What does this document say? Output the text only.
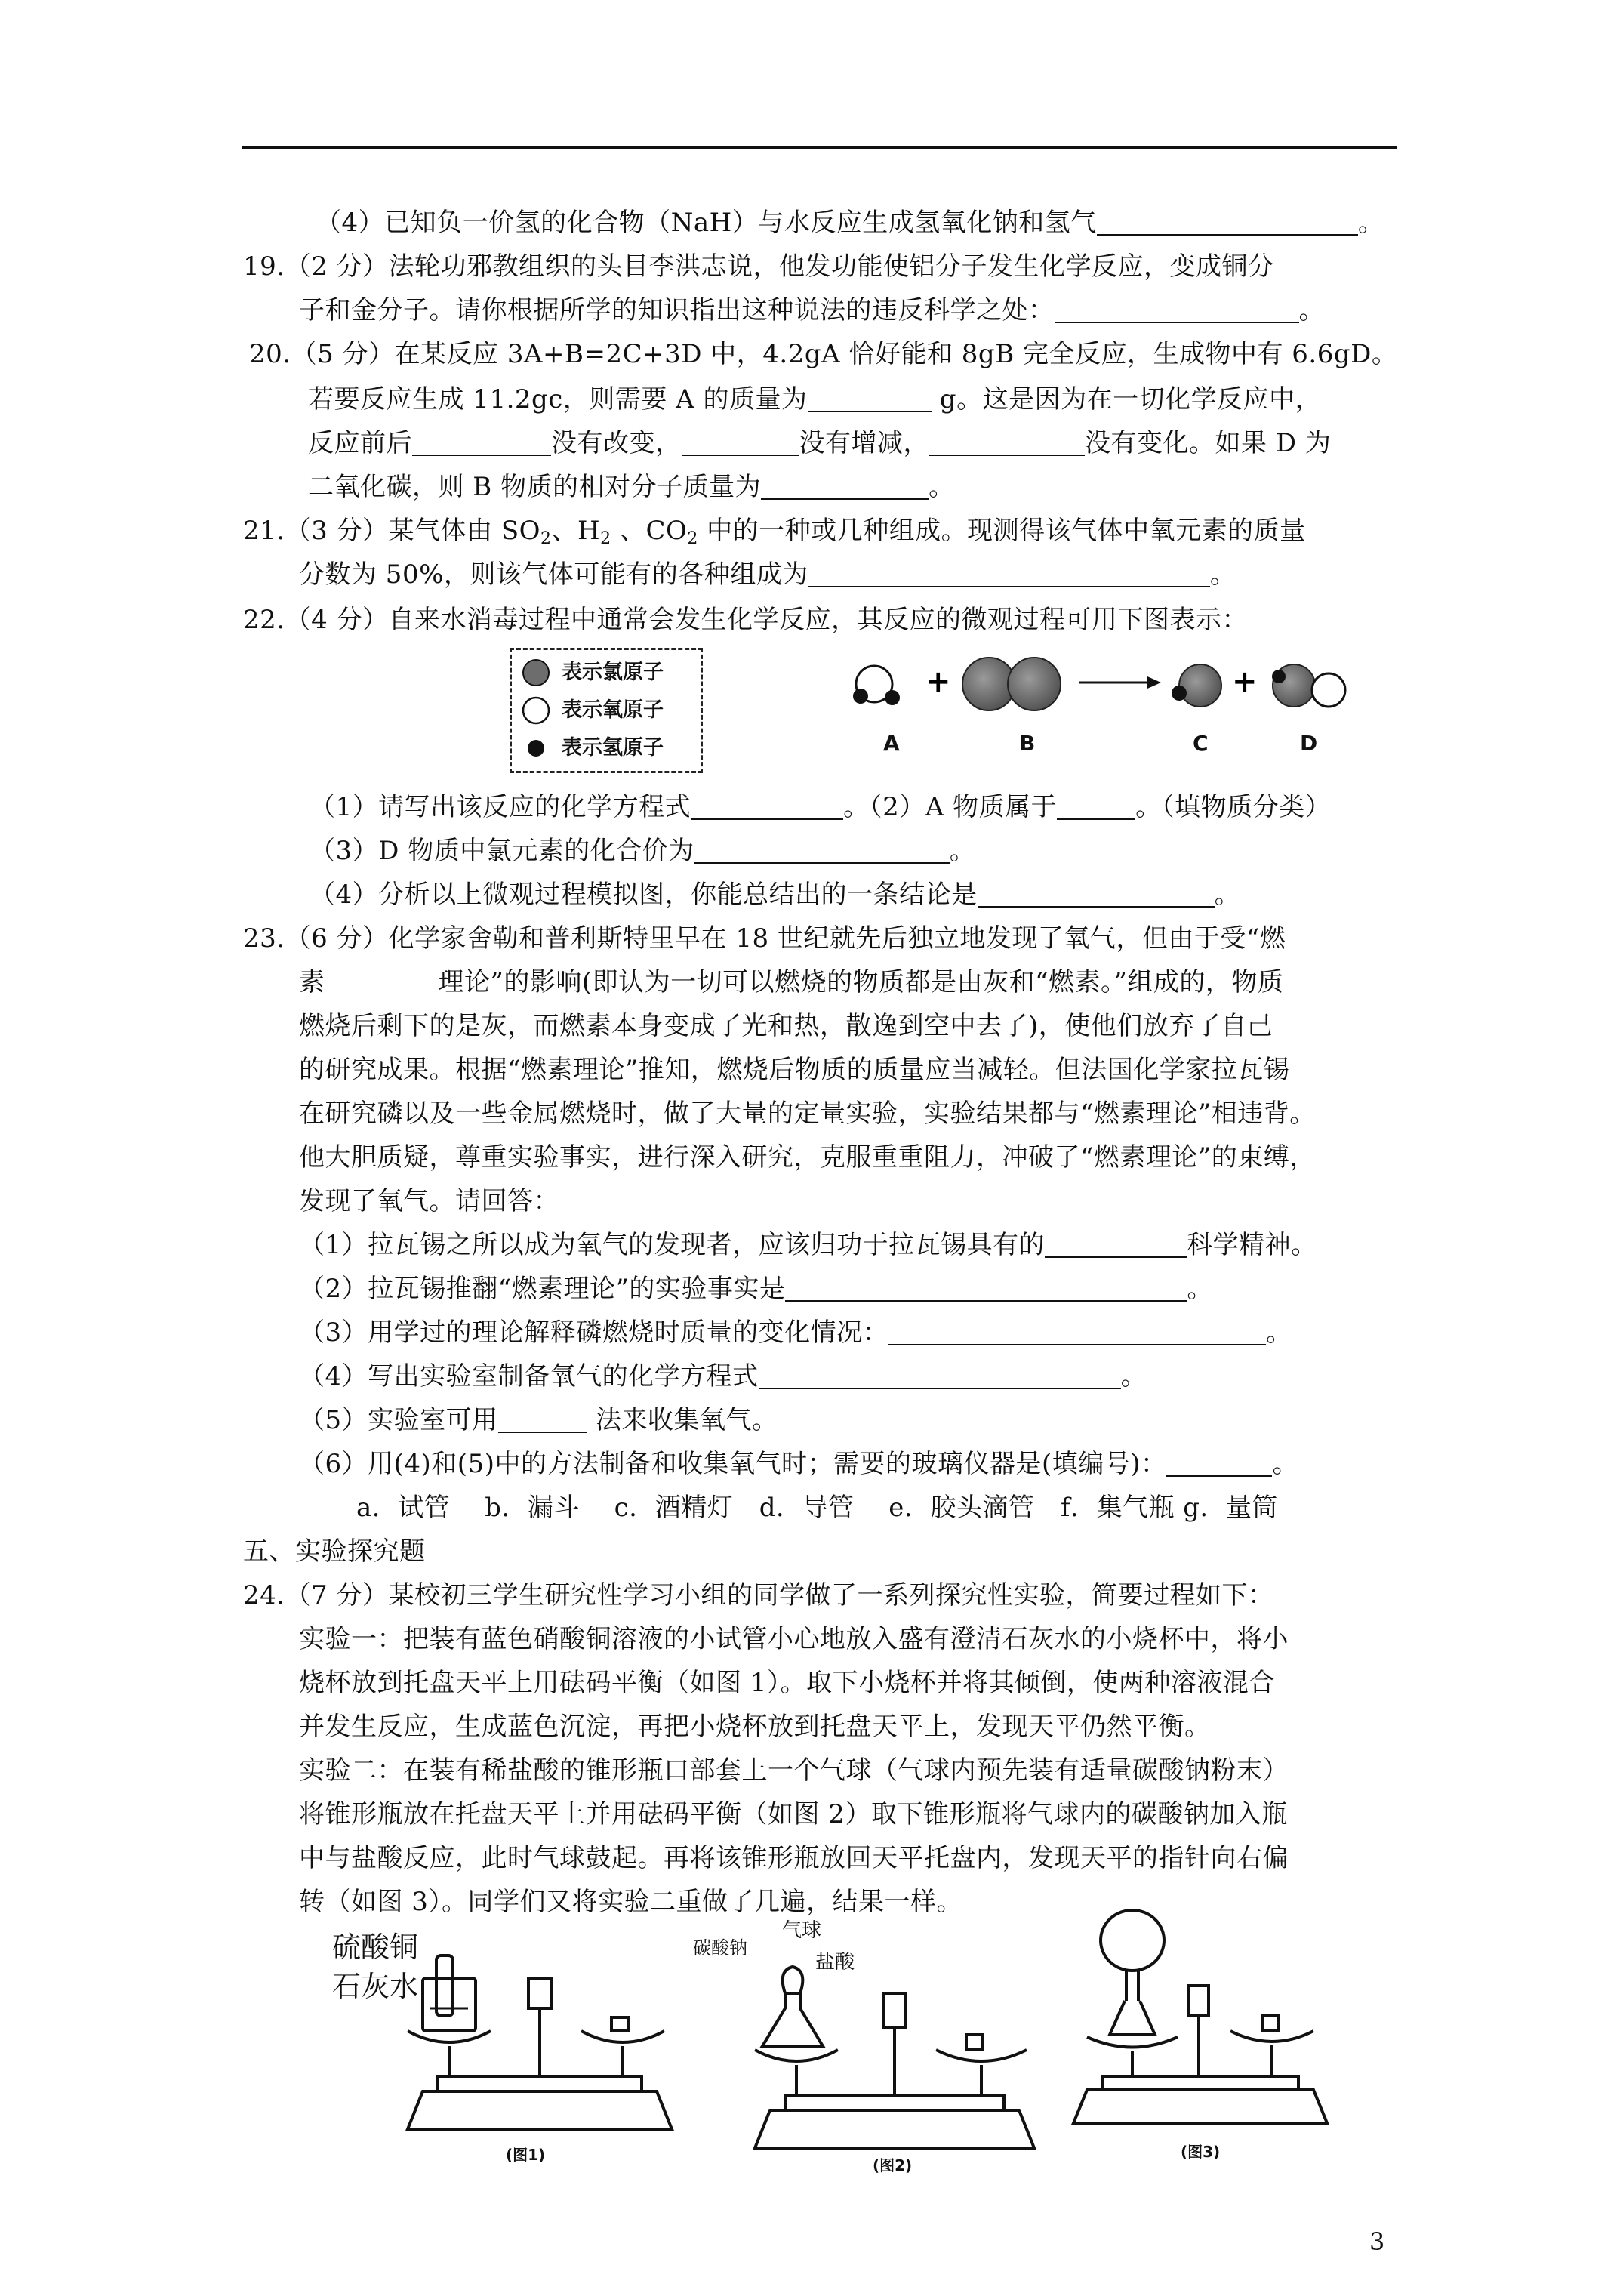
（4）已知负一价氢的化合物（NaH）与水反应生成氢氧化钠和氢气	。
19.（2 分）法轮功邪教组织的头目李洪志说，他发功能使铝分子发生化学反应，变成铜分
子和金分子。请你根据所学的知识指出这种说法的违反科学之处：	。
20.（5 分）在某反应 3A+B=2C+3D 中，4.2gA 恰好能和 8gB 完全反应，生成物中有 6.6gD。
若要反应生成 11.2gc，则需要 A 的质量为	g。这是因为在一切化学反应中，
反应前后	没有改变，	没有增减，	没有变化。如果 D 为
二氧化碳，则 B 物质的相对分子质量为	。
21.（3 分）某气体由 $SO_2$、$H_2$ 、$CO_2$ 中的一种或几种组成。现测得该气体中氧元素的质量
分数为 50%，则该气体可能有的各种组成为	。
22.（4 分）自来水消毒过程中通常会发生化学反应，其反应的微观过程可用下图表示：
表示氯原子
表示氧原子
表示氢原子
+	+
A	B	C	D
（1）请写出该反应的化学方程式	。（2）A 物质属于	。（填物质分类）
（3）D 物质中氯元素的化合价为	。
（4）分析以上微观过程模拟图，你能总结出的一条结论是	。
23.（6 分）化学家舍勒和普利斯特里早在 18 世纪就先后独立地发现了氧气，但由于受“燃
素	理论”的影响(即认为一切可以燃烧的物质都是由灰和“燃素。”组成的，物质
燃烧后剩下的是灰，而燃素本身变成了光和热，散逸到空中去了)，使他们放弃了自己
的研究成果。根据“燃素理论”推知，燃烧后物质的质量应当减轻。但法国化学家拉瓦锡
在研究磷以及一些金属燃烧时，做了大量的定量实验，实验结果都与“燃素理论”相违背。
他大胆质疑，尊重实验事实，进行深入研究，克服重重阻力，冲破了“燃素理论”的束缚，
发现了氧气。请回答：
（1）拉瓦锡之所以成为氧气的发现者，应该归功于拉瓦锡具有的	科学精神。
（2）拉瓦锡推翻“燃素理论”的实验事实是	。
（3）用学过的理论解释磷燃烧时质量的变化情况：	。
（4）写出实验室制备氧气的化学方程式	。
（5）实验室可用	法来收集氧气。
（6）用(4)和(5)中的方法制备和收集氧气时；需要的玻璃仪器是(填编号)：	。
a．试管　 b．漏斗　 c．酒精灯　d．导管　 e．胶头滴管　f．集气瓶 g．量筒
五、实验探究题
24.（7 分）某校初三学生研究性学习小组的同学做了一系列探究性实验，简要过程如下：
实验一：把装有蓝色硝酸铜溶液的小试管小心地放入盛有澄清石灰水的小烧杯中，将小
烧杯放到托盘天平上用砝码平衡（如图 1）。取下小烧杯并将其倾倒，使两种溶液混合
并发生反应，生成蓝色沉淀，再把小烧杯放到托盘天平上，发现天平仍然平衡。
实验二：在装有稀盐酸的锥形瓶口部套上一个气球（气球内预先装有适量碳酸钠粉末）
将锥形瓶放在托盘天平上并用砝码平衡（如图 2）取下锥形瓶将气球内的碳酸钠加入瓶
中与盐酸反应，此时气球鼓起。再将该锥形瓶放回天平托盘内，发现天平的指针向右偏
转（如图 3）。同学们又将实验二重做了几遍，结果一样。
硫酸铜
石灰水
(图1)
气球
碳酸钠
盐酸
(图2)
(图3)
3
